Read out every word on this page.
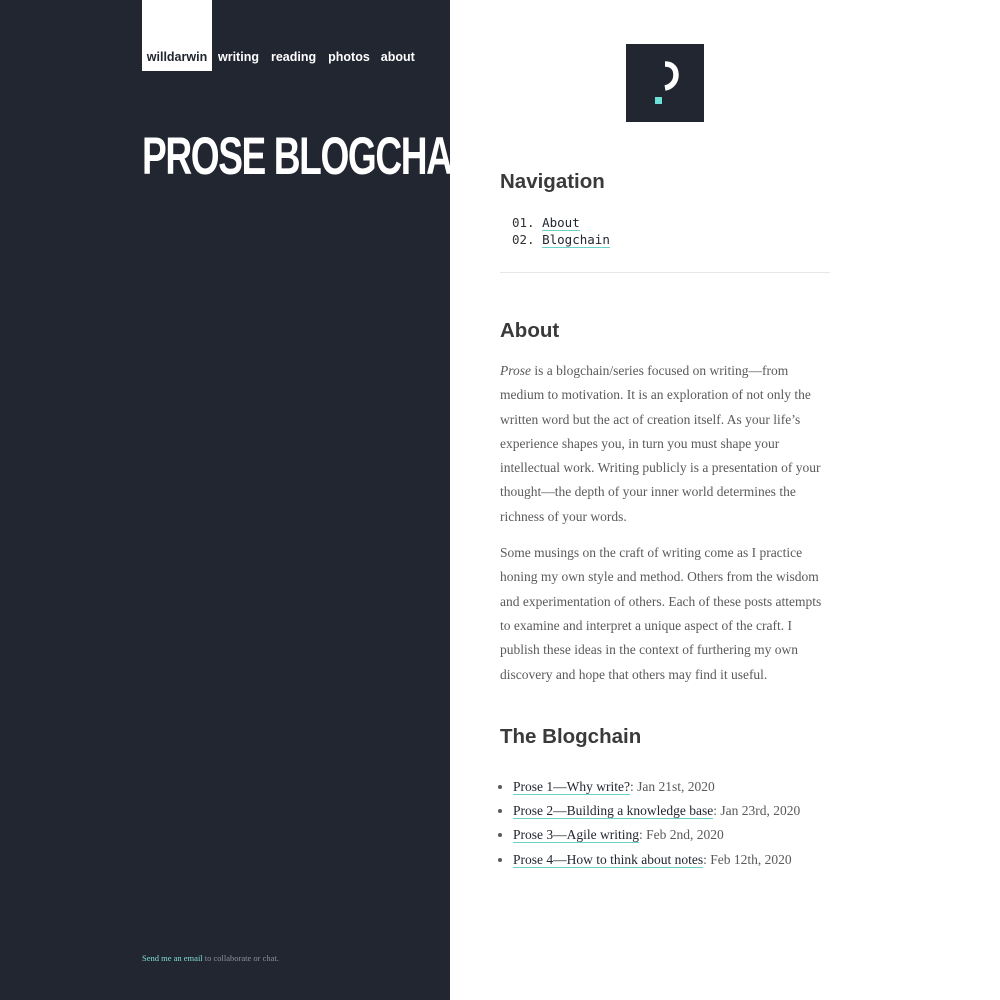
willdarwin writing reading photos about
PROSE BLOGCHAIN
Send me an email to collaborate or chat.
Navigation
01. About
02. Blogchain
About

Prose is a blogchain/series focused on writing—from medium to motivation. It is an exploration of not only the written word but the act of creation itself. As your life’s experience shapes you, in turn you must shape your intellectual work. Writing publicly is a presentation of your thought—the depth of your inner world determines the richness of your words.

Some musings on the craft of writing come as I practice honing my own style and method. Others from the wisdom and experimentation of others. Each of these posts attempts to examine and interpret a unique aspect of the craft. I publish these ideas in the context of furthering my own discovery and hope that others may find it useful.

The Blogchain
• Prose 1—Why write?: Jan 21st, 2020
• Prose 2—Building a knowledge base: Jan 23rd, 2020
• Prose 3—Agile writing: Feb 2nd, 2020
• Prose 4—How to think about notes: Feb 12th, 2020
